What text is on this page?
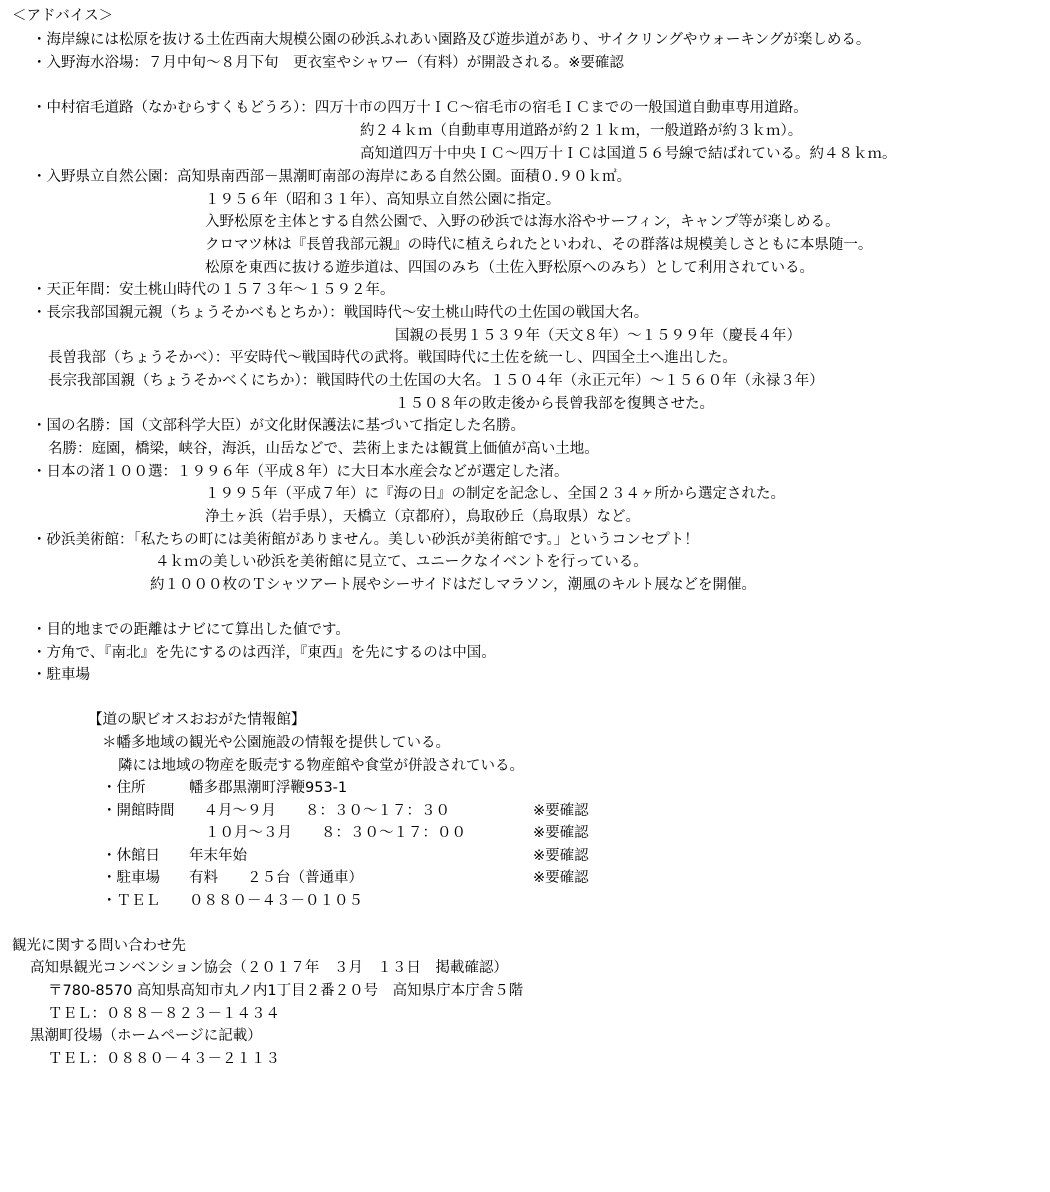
＜アドバイス＞
・海岸線には松原を抜ける土佐西南大規模公園の砂浜ふれあい園路及び遊歩道があり、サイクリングやウォーキングが楽しめる。
・入野海水浴場：７月中旬～８月下旬　更衣室やシャワー（有料）が開設される。※要確認
・中村宿毛道路（なかむらすくもどうろ）：四万十市の四万十ＩＣ～宿毛市の宿毛ＩＣまでの一般国道自動車専用道路。
約２４ｋｍ（自動車専用道路が約２１ｋｍ，一般道路が約３ｋｍ）。
高知道四万十中央ＩＣ～四万十ＩＣは国道５６号線で結ばれている。約４８ｋｍ。
・入野県立自然公園：高知県南西部－黒潮町南部の海岸にある自然公園。面積０.９０ｋ㎡。
１９５６年（昭和３１年）、高知県立自然公園に指定。
入野松原を主体とする自然公園で、入野の砂浜では海水浴やサーフィン，キャンプ等が楽しめる。
クロマツ林は『長曽我部元親』の時代に植えられたといわれ、その群落は規模美しさともに本県随一。
松原を東西に抜ける遊歩道は、四国のみち（土佐入野松原へのみち）として利用されている。
・天正年間：安土桃山時代の１５７３年～１５９２年。
・長宗我部国親元親（ちょうそかべもとちか）：戦国時代～安土桃山時代の土佐国の戦国大名。
国親の長男１５３９年（天文８年）～１５９９年（慶長４年）
長曽我部（ちょうそかべ）：平安時代～戦国時代の武将。戦国時代に土佐を統一し、四国全土へ進出した。
長宗我部国親（ちょうそかべくにちか）：戦国時代の土佐国の大名。１５０４年（永正元年）～１５６０年（永禄３年）
１５０８年の敗走後から長曾我部を復興させた。
・国の名勝：国（文部科学大臣）が文化財保護法に基づいて指定した名勝。
名勝：庭園，橋梁，峡谷，海浜，山岳などで、芸術上または観賞上価値が高い土地。
・日本の渚１００選：１９９６年（平成８年）に大日本水産会などが選定した渚。
１９９５年（平成７年）に『海の日』の制定を記念し、全国２３４ヶ所から選定された。
浄土ヶ浜（岩手県），天橋立（京都府），鳥取砂丘（鳥取県）など。
・砂浜美術館：「私たちの町には美術館がありません。美しい砂浜が美術館です。」というコンセプト！
４ｋｍの美しい砂浜を美術館に見立て、ユニークなイベントを行っている。
約１０００枚のＴシャツアート展やシーサイドはだしマラソン，潮風のキルト展などを開催。
・目的地までの距離はナビにて算出した値です。
・方角で、『南北』を先にするのは西洋，『東西』を先にするのは中国。
・駐車場
【道の駅ビオスおおがた情報館】
＊幡多地域の観光や公園施設の情報を提供している。
隣には地域の物産を販売する物産館や食堂が併設されている。
・住所　　　幡多郡黒潮町浮鞭953-1
・開館時間　　４月～９月　　８：３０～１７：３０
１０月～３月　　８：３０～１７：００
・休館日　　年末年始
・駐車場　　有料　　２５台（普通車）
・ＴＥＬ　　０８８０－４３－０１０５
※要確認
※要確認
※要確認
※要確認
観光に関する問い合わせ先
高知県観光コンベンション協会（２０１７年　３月　１３日　掲載確認）
〒780-8570 高知県高知市丸ノ内1丁目２番２０号　高知県庁本庁舎５階
ＴＥＬ：０８８－８２３－１４３４
黒潮町役場（ホームページに記載）
ＴＥＬ：０８８０－４３－２１１３
